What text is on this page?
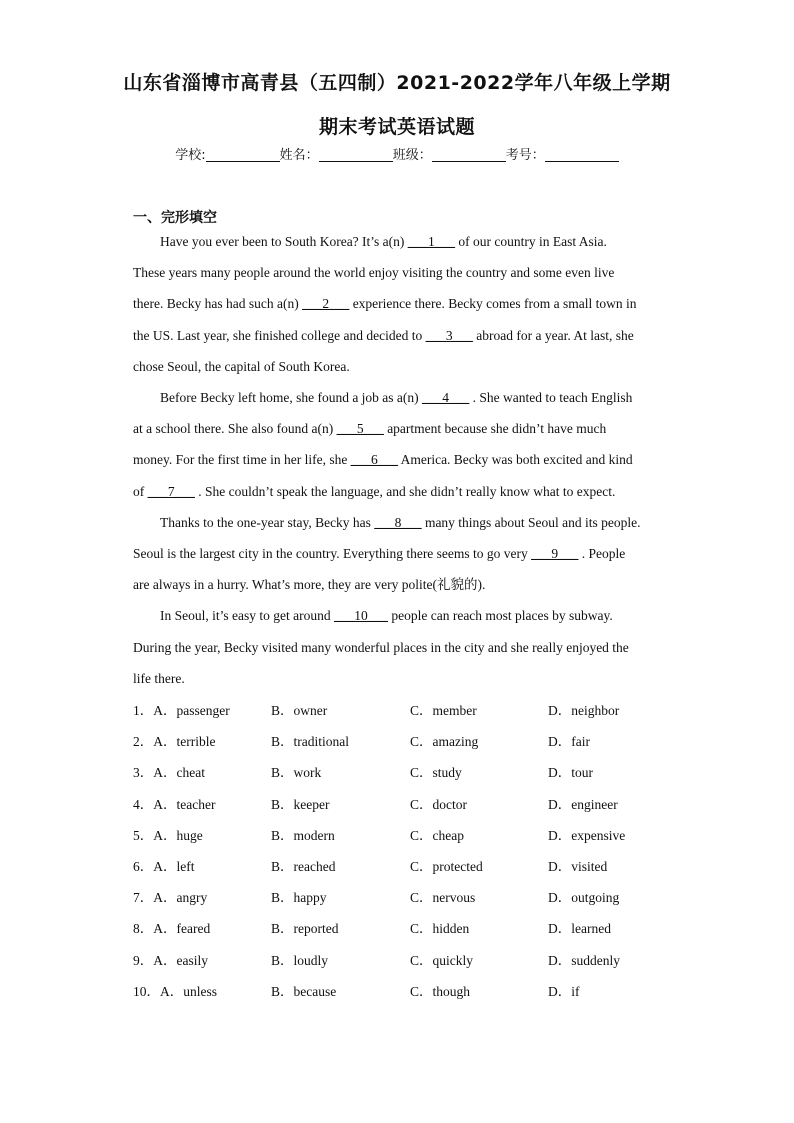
山东省淄博市高青县（五四制）2021-2022学年八年级上学期
期末考试英语试题
学校:	姓名：	班级：	考号：
一、完形填空
Have you ever been to South Korea? It’s a(n) ___1___ of our country in East Asia.
These years many people around the world enjoy visiting the country and some even live
there. Becky has had such a(n) ___2___ experience there. Becky comes from a small town in
the US. Last year, she finished college and decided to ___3___ abroad for a year. At last, she
chose Seoul, the capital of South Korea.
Before Becky left home, she found a job as a(n) ___4___ . She wanted to teach English
at a school there. She also found a(n) ___5___ apartment because she didn’t have much
money. For the first time in her life, she ___6___ America. Becky was both excited and kind
of ___7___ . She couldn’t speak the language, and she didn’t really know what to expect.
Thanks to the one-year stay, Becky has ___8___ many things about Seoul and its people.
Seoul is the largest city in the country. Everything there seems to go very ___9___ . People
are always in a hurry. What’s more, they are very polite(礼貌的).
In Seoul, it’s easy to get around ___10___ people can reach most places by subway.
During the year, Becky visited many wonderful places in the city and she really enjoyed the
life there.
1．A．passenger	B．owner	C．member	D．neighbor
2．A．terrible	B．traditional	C．amazing	D．fair
3．A．cheat	B．work	C．study	D．tour
4．A．teacher	B．keeper	C．doctor	D．engineer
5．A．huge	B．modern	C．cheap	D．expensive
6．A．left	B．reached	C．protected	D．visited
7．A．angry	B．happy	C．nervous	D．outgoing
8．A．feared	B．reported	C．hidden	D．learned
9．A．easily	B．loudly	C．quickly	D．suddenly
10．A．unless	B．because	C．though	D．if
